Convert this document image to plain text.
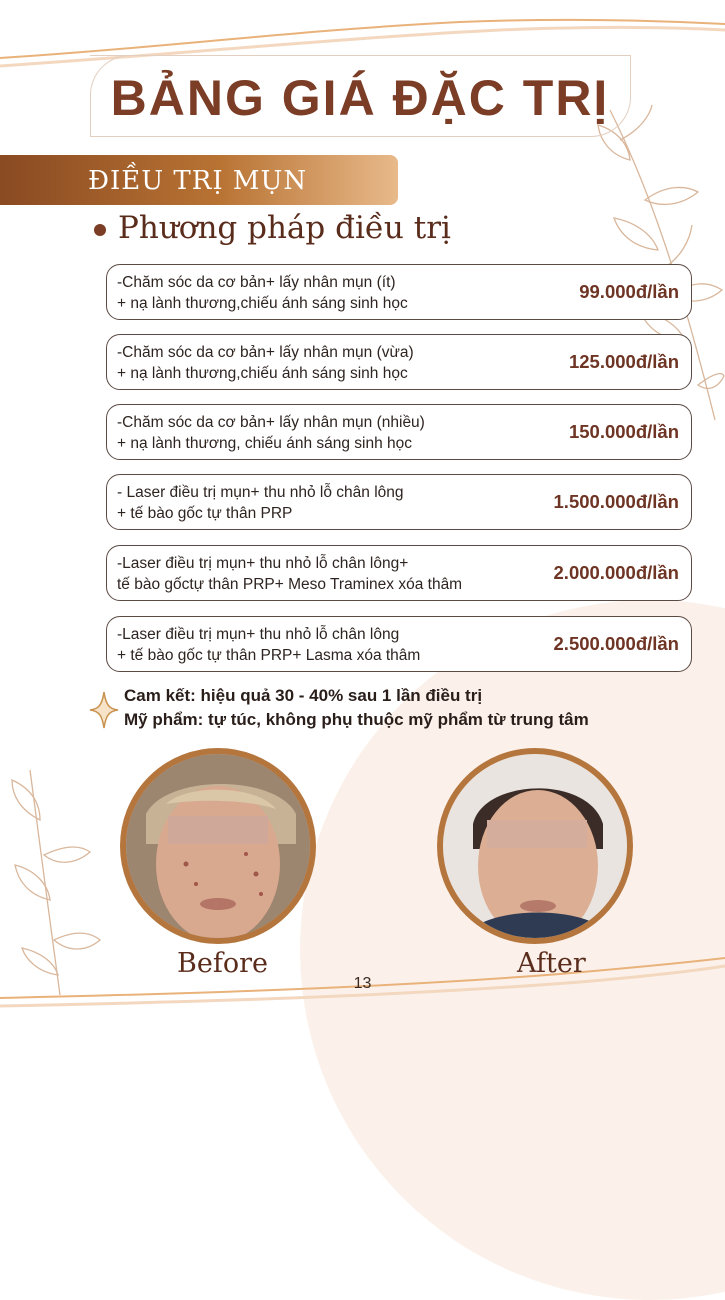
BẢNG GIÁ ĐẶC TRỊ
ĐIỀU TRỊ MỤN
Phương pháp điều trị
-Chăm sóc da cơ bản+ lấy nhân mụn (ít)
+ nạ lành thương,chiếu ánh sáng sinh học
99.000đ/lần
-Chăm sóc da cơ bản+ lấy nhân mụn (vừa)
+ nạ lành thương,chiếu ánh sáng sinh học
125.000đ/lần
-Chăm sóc da cơ bản+ lấy nhân mụn (nhiều)
+ nạ lành thương, chiếu ánh sáng sinh học
150.000đ/lần
- Laser điều trị mụn+ thu nhỏ lỗ chân lông
+ tế bào gốc tự thân PRP
1.500.000đ/lần
-Laser điều trị mụn+ thu nhỏ lỗ chân lông+
tế bào gốctự thân PRP+ Meso Traminex xóa thâm
2.000.000đ/lần
-Laser điều trị mụn+ thu nhỏ lỗ chân lông
+ tế bào gốc tự thân PRP+ Lasma xóa thâm
2.500.000đ/lần
Cam kết: hiệu quả 30 - 40% sau 1 lần điều trị
Mỹ phẩm: tự túc, không phụ thuộc mỹ phẩm từ trung tâm
Before	After
13
